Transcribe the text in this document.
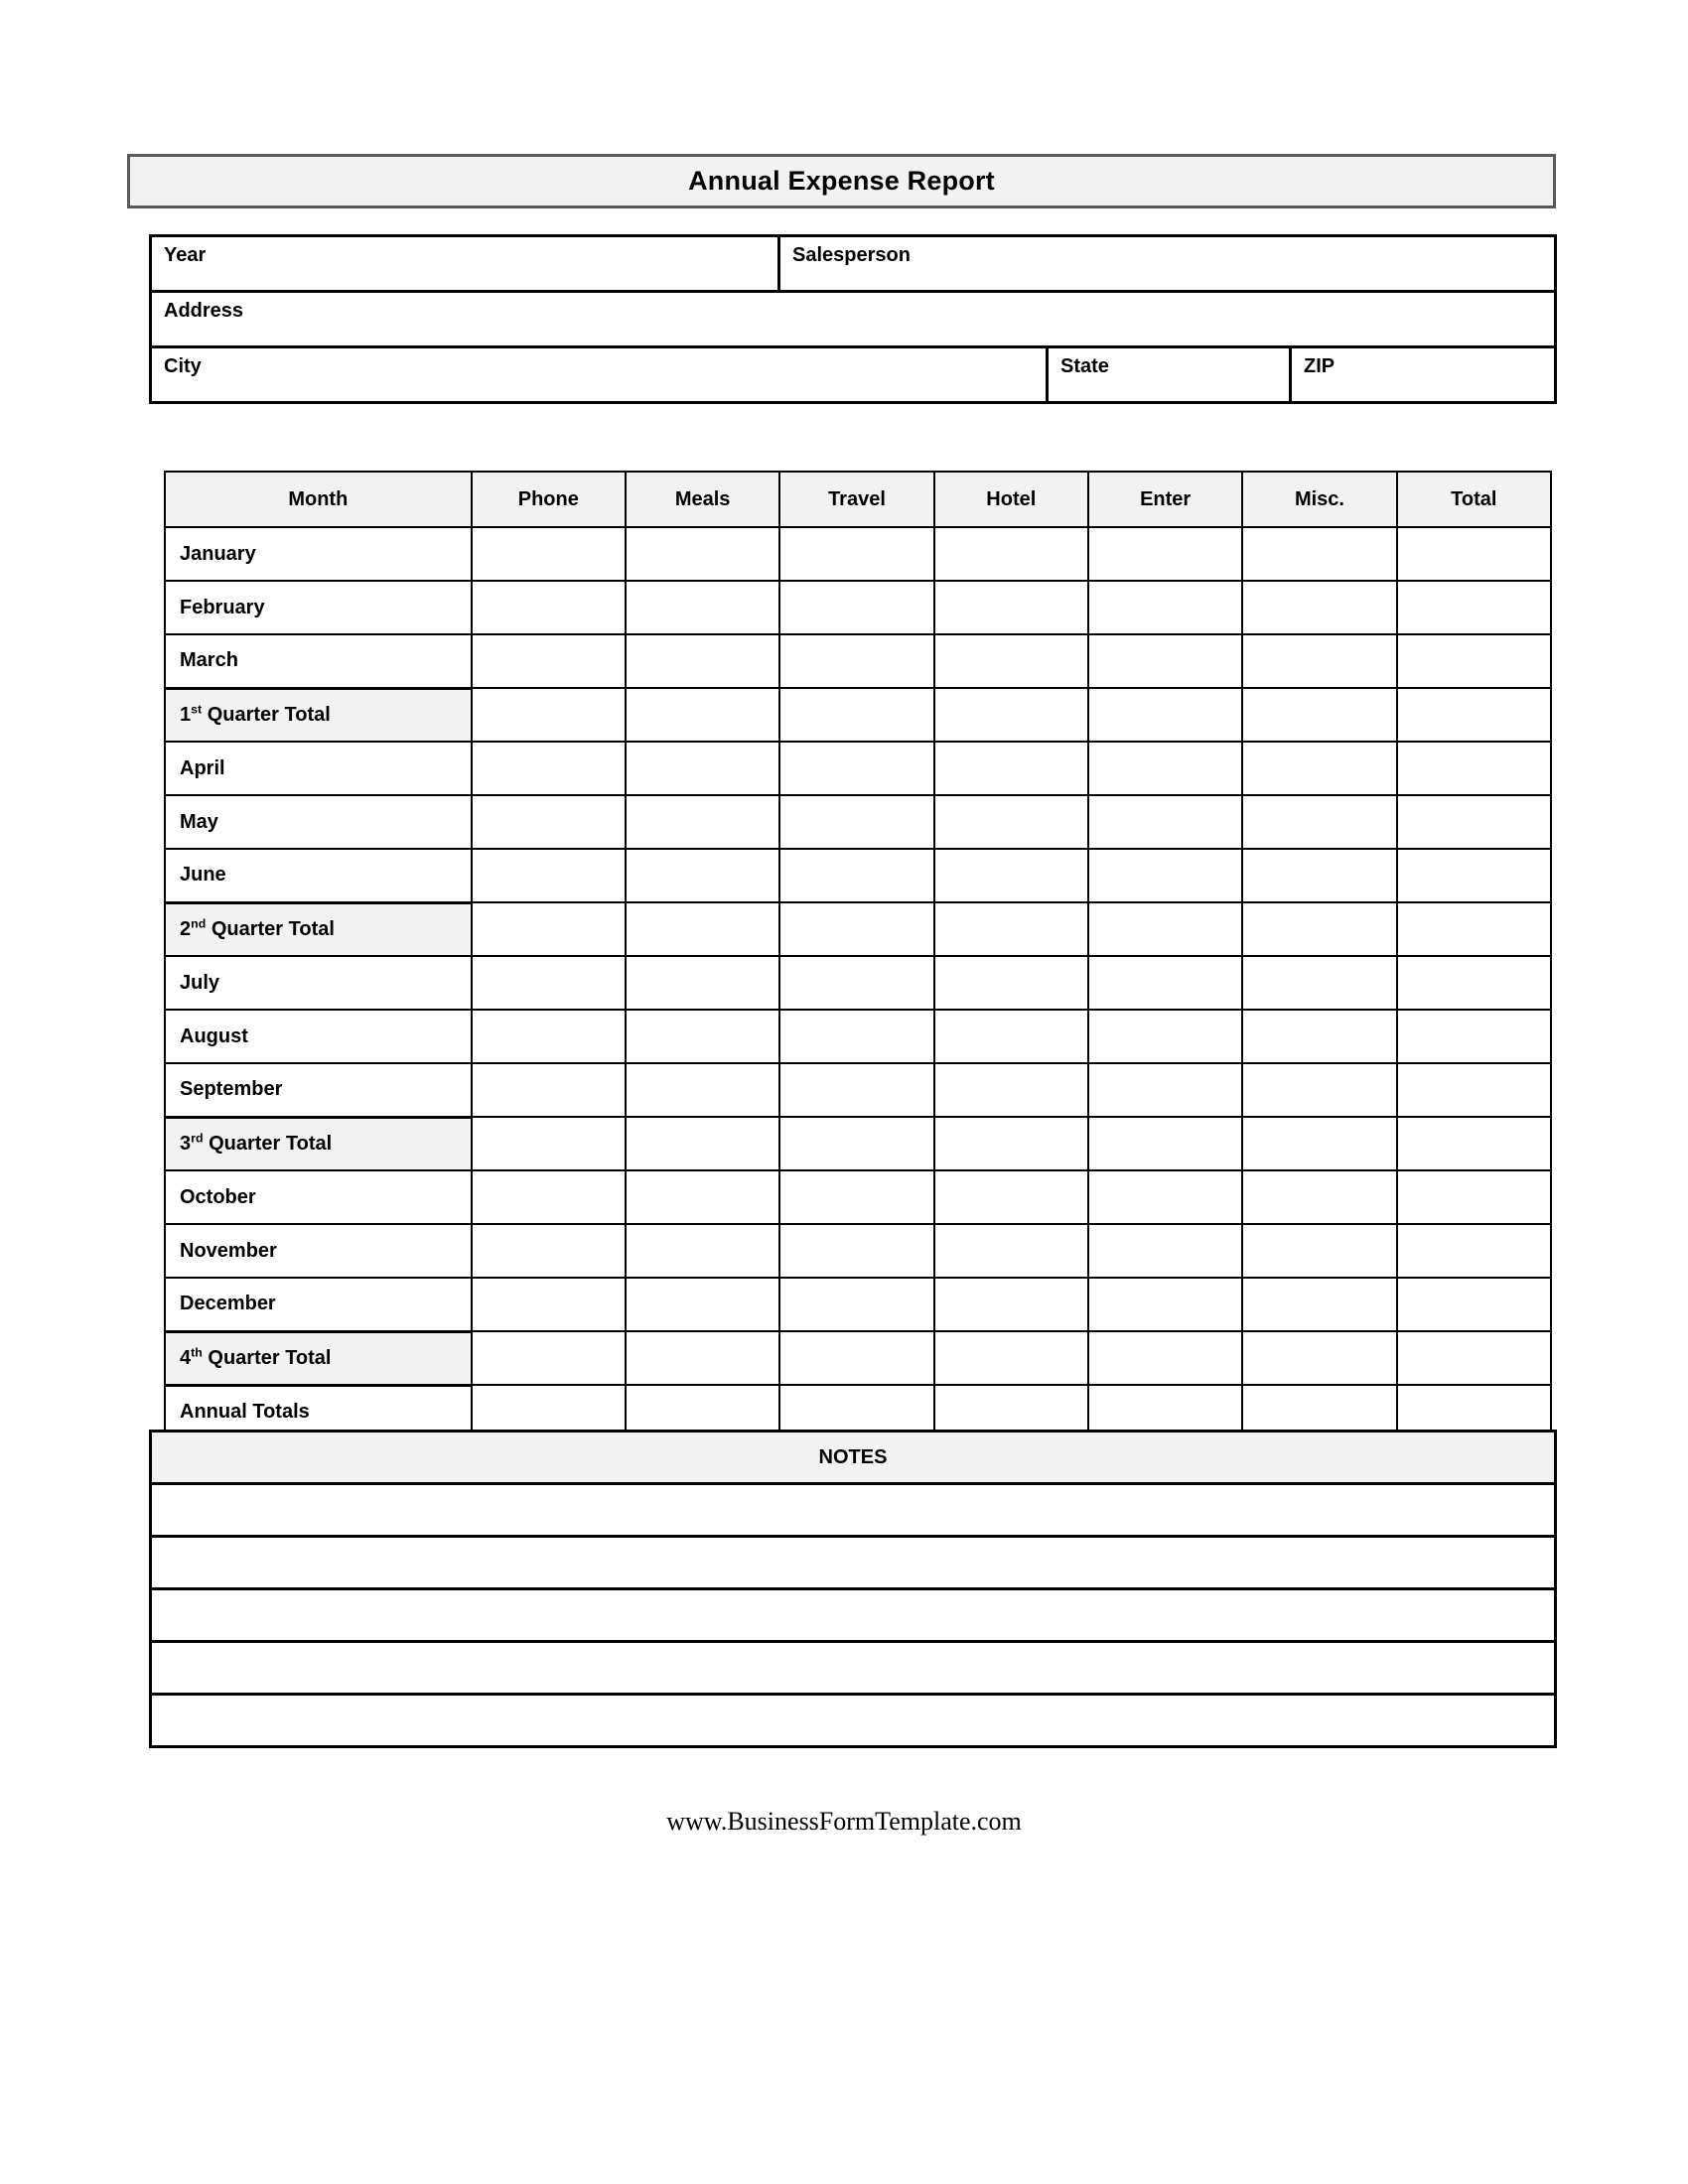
Annual Expense Report
Year	Salesperson
Address
City	State	ZIP
Month	Phone	Meals	Travel	Hotel	Enter	Misc.	Total
January							
February							
March							
1st Quarter Total							
April							
May							
June							
2nd Quarter Total							
July							
August							
September							
3rd Quarter Total							
October							
November							
December							
4th Quarter Total							
Annual Totals							
NOTES

www.BusinessFormTemplate.com
